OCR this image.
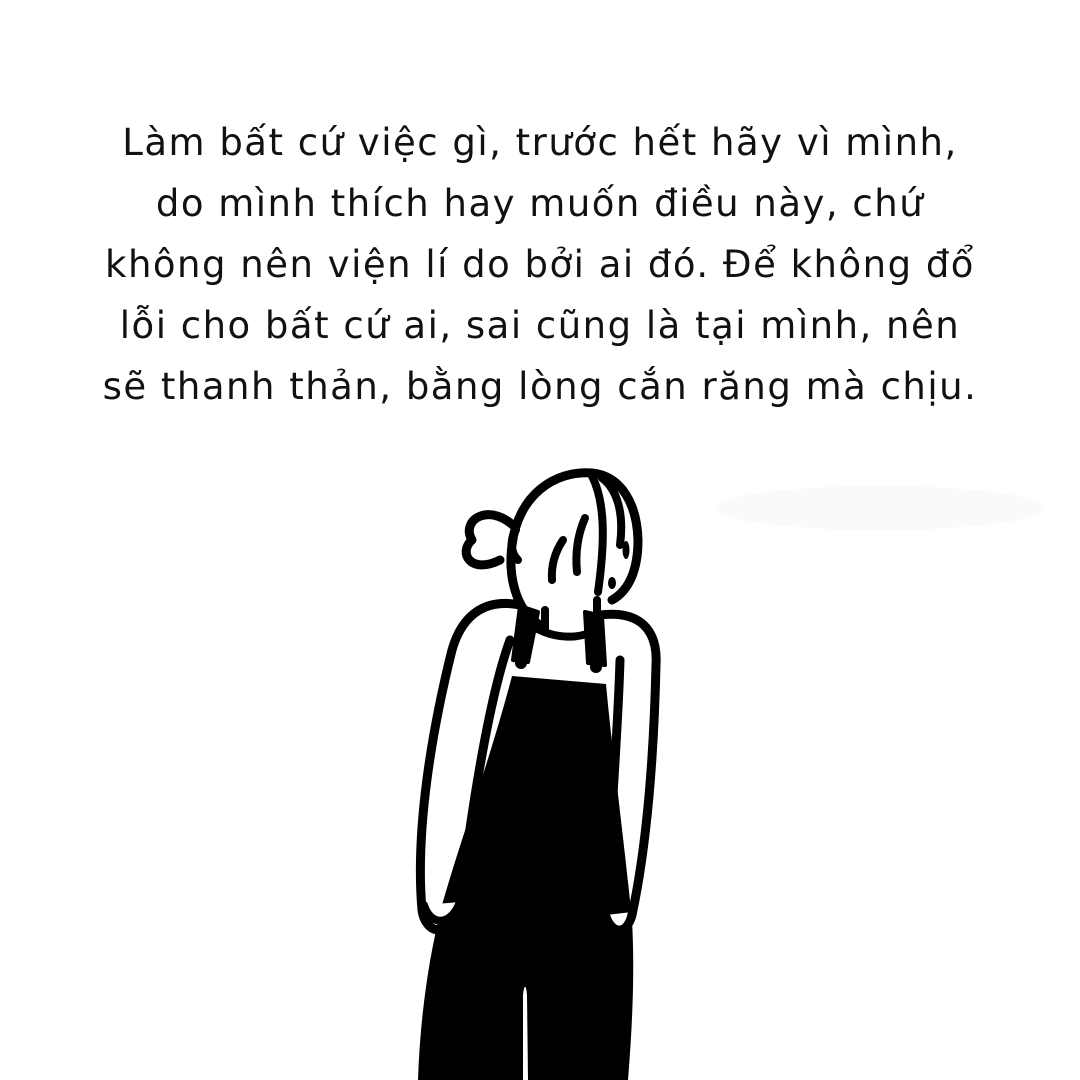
Làm bất cứ việc gì, trước hết hãy vì mình,
do mình thích hay muốn điều này, chứ
không nên viện lí do bởi ai đó. Để không đổ
lỗi cho bất cứ ai, sai cũng là tại mình, nên
sẽ thanh thản, bằng lòng cắn răng mà chịu.
